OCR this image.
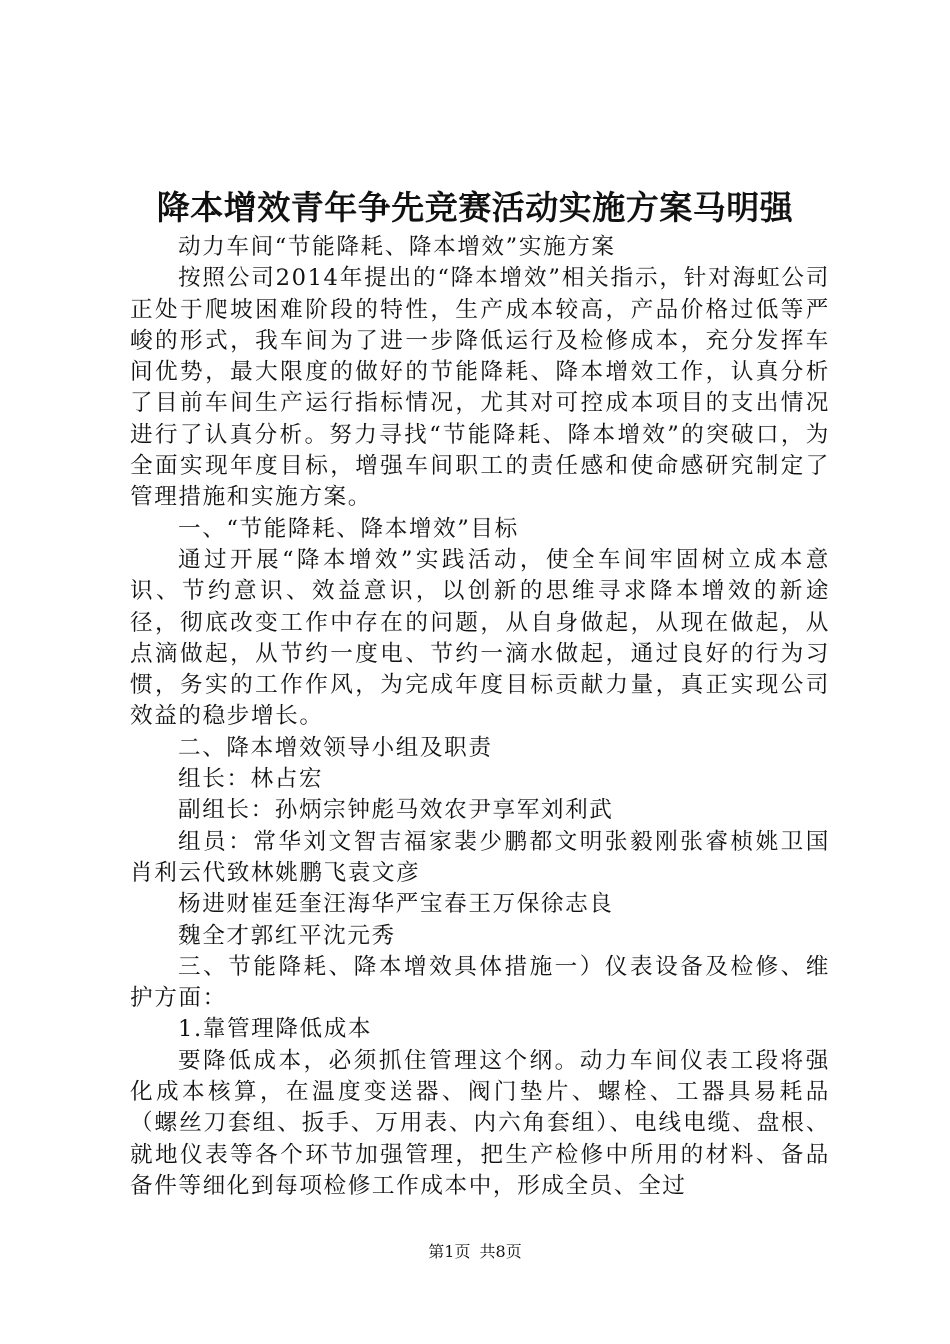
降本增效青年争先竞赛活动实施方案马明强

动力车间“节能降耗、降本增效”实施方案

按照公司2014年提出的“降本增效”相关指示，针对海虹公司正处于爬坡困难阶段的特性，生产成本较高，产品价格过低等严峻的形式，我车间为了进一步降低运行及检修成本，充分发挥车间优势，最大限度的做好的节能降耗、降本增效工作，认真分析了目前车间生产运行指标情况，尤其对可控成本项目的支出情况进行了认真分析。努力寻找“节能降耗、降本增效”的突破口，为全面实现年度目标，增强车间职工的责任感和使命感研究制定了管理措施和实施方案。

一、“节能降耗、降本增效”目标

通过开展“降本增效”实践活动，使全车间牢固树立成本意识、节约意识、效益意识，以创新的思维寻求降本增效的新途径，彻底改变工作中存在的问题，从自身做起，从现在做起，从点滴做起，从节约一度电、节约一滴水做起，通过良好的行为习惯，务实的工作作风，为完成年度目标贡献力量，真正实现公司效益的稳步增长。

二、降本增效领导小组及职责

组长：林占宏

副组长：孙炳宗钟彪马效农尹享军刘利武

组员：常华刘文智吉福家裴少鹏都文明张毅刚张睿桢姚卫国肖利云代致林姚鹏飞袁文彦

杨进财崔廷奎汪海华严宝春王万保徐志良

魏全才郭红平沈元秀

三、节能降耗、降本增效具体措施一）仪表设备及检修、维护方面：

1.靠管理降低成本

要降低成本，必须抓住管理这个纲。动力车间仪表工段将强化成本核算，在温度变送器、阀门垫片、螺栓、工器具易耗品（螺丝刀套组、扳手、万用表、内六角套组）、电线电缆、盘根、就地仪表等各个环节加强管理，把生产检修中所用的材料、备品备件等细化到每项检修工作成本中，形成全员、全过

第1页 共8页
